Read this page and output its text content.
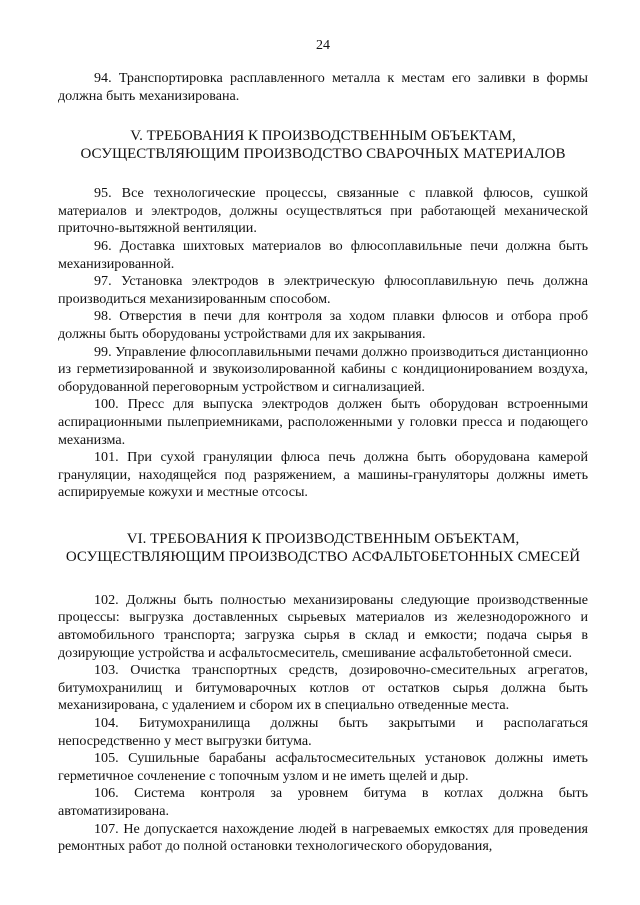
24

94. Транспортировка расплавленного металла к местам его заливки в формы должна быть механизирована.

V. ТРЕБОВАНИЯ К ПРОИЗВОДСТВЕННЫМ ОБЪЕКТАМ,
ОСУЩЕСТВЛЯЮЩИМ ПРОИЗВОДСТВО СВАРОЧНЫХ МАТЕРИАЛОВ

95. Все технологические процессы, связанные с плавкой флюсов, сушкой материалов и электродов, должны осуществляться при работающей механической приточно-вытяжной вентиляции.

96. Доставка шихтовых материалов во флюсоплавильные печи должна быть механизированной.

97. Установка электродов в электрическую флюсоплавильную печь должна производиться механизированным способом.

98. Отверстия в печи для контроля за ходом плавки флюсов и отбора проб должны быть оборудованы устройствами для их закрывания.

99. Управление флюсоплавильными печами должно производиться дистанционно из герметизированной и звукоизолированной кабины с кондиционированием воздуха, оборудованной переговорным устройством и сигнализацией.

100. Пресс для выпуска электродов должен быть оборудован встроенными аспирационными пылеприемниками, расположенными у головки пресса и подающего механизма.

101. При сухой грануляции флюса печь должна быть оборудована камерой грануляции, находящейся под разряжением, а машины-грануляторы должны иметь аспирируемые кожухи и местные отсосы.

VI. ТРЕБОВАНИЯ К ПРОИЗВОДСТВЕННЫМ ОБЪЕКТАМ,
ОСУЩЕСТВЛЯЮЩИМ ПРОИЗВОДСТВО АСФАЛЬТОБЕТОННЫХ СМЕСЕЙ

102. Должны быть полностью механизированы следующие производственные процессы: выгрузка доставленных сырьевых материалов из железнодорожного и автомобильного транспорта; загрузка сырья в склад и емкости; подача сырья в дозирующие устройства и асфальтосмеситель, смешивание асфальтобетонной смеси.

103. Очистка транспортных средств, дозировочно-смесительных агрегатов, битумохранилищ и битумоварочных котлов от остатков сырья должна быть механизирована, с удалением и сбором их в специально отведенные места.

104. Битумохранилища должны быть закрытыми и располагаться непосредственно у мест выгрузки битума.

105. Сушильные барабаны асфальтосмесительных установок должны иметь герметичное сочленение с топочным узлом и не иметь щелей и дыр.

106. Система контроля за уровнем битума в котлах должна быть автоматизирована.

107. Не допускается нахождение людей в нагреваемых емкостях для проведения ремонтных работ до полной остановки технологического оборудования,
